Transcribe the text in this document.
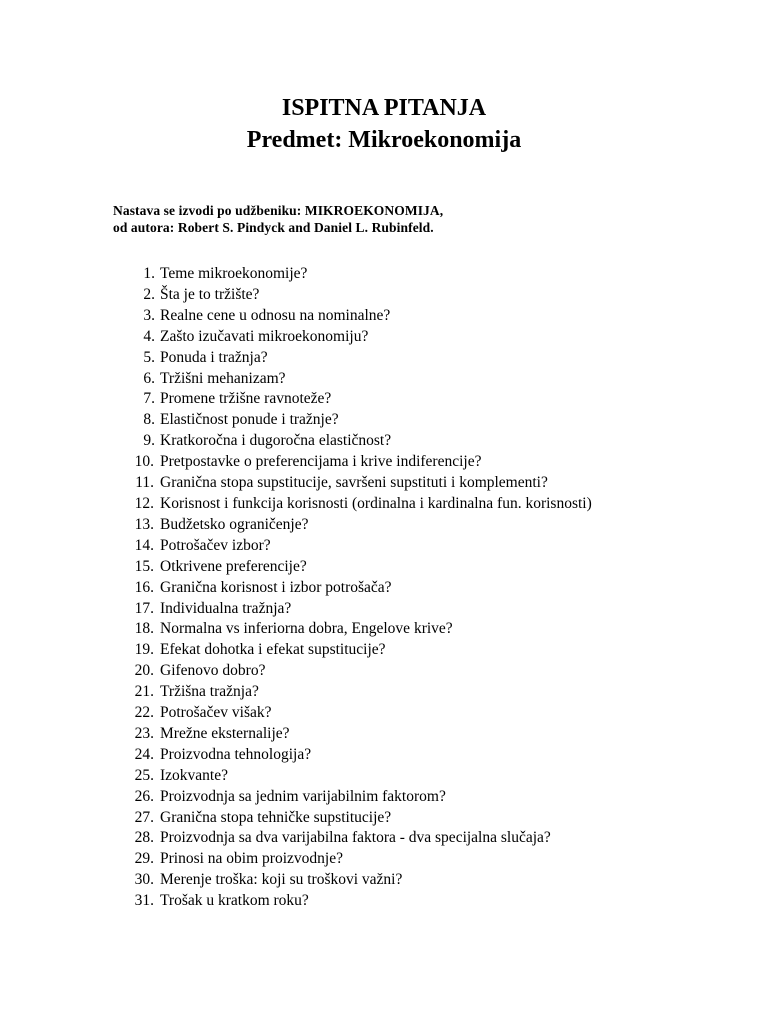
ISPITNA PITANJA
Predmet: Mikroekonomija
Nastava se izvodi po udžbeniku: MIKROEKONOMIJA,
od autora: Robert S. Pindyck and Daniel L. Rubinfeld.
1. Teme mikroekonomije?
2. Šta je to tržište?
3. Realne cene u odnosu na nominalne?
4. Zašto izučavati mikroekonomiju?
5. Ponuda i tražnja?
6. Tržišni mehanizam?
7. Promene tržišne ravnoteže?
8. Elastičnost ponude i tražnje?
9. Kratkoročna i dugoročna elastičnost?
10. Pretpostavke o preferencijama i krive indiferencije?
11. Granična stopa supstitucije, savršeni supstituti i komplementi?
12. Korisnost i funkcija korisnosti (ordinalna i kardinalna fun. korisnosti)
13. Budžetsko ograničenje?
14. Potrošačev izbor?
15. Otkrivene preferencije?
16. Granična korisnost i izbor potrošača?
17. Individualna tražnja?
18. Normalna vs inferiorna dobra, Engelove krive?
19. Efekat dohotka i efekat supstitucije?
20. Gifenovo dobro?
21. Tržišna tražnja?
22. Potrošačev višak?
23. Mrežne eksternalije?
24. Proizvodna tehnologija?
25. Izokvante?
26. Proizvodnja sa jednim varijabilnim faktorom?
27. Granična stopa tehničke supstitucije?
28. Proizvodnja sa dva varijabilna faktora - dva specijalna slučaja?
29. Prinosi na obim proizvodnje?
30. Merenje troška: koji su troškovi važni?
31. Trošak u kratkom roku?
